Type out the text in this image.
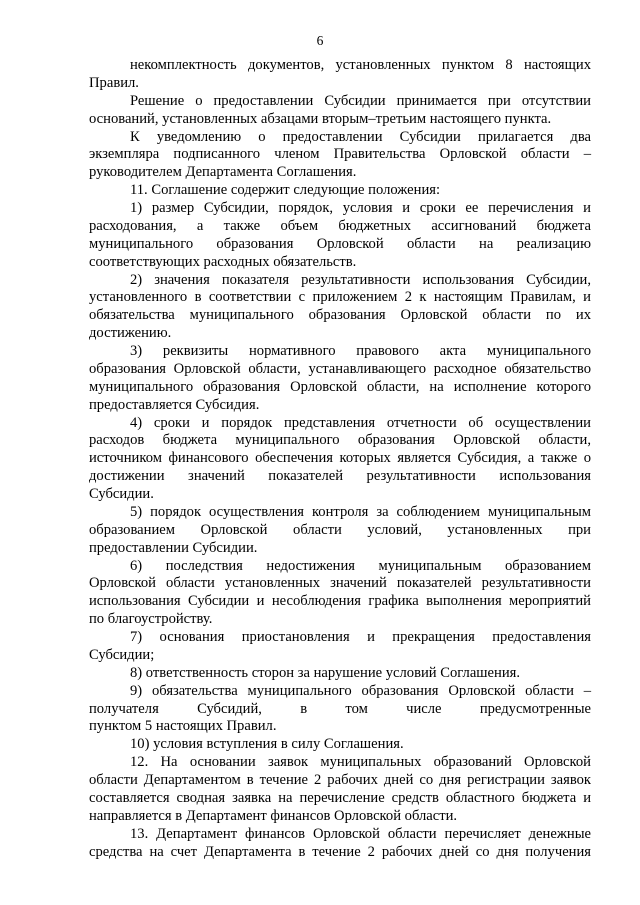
6
некомплектность документов, установленных пунктом 8 настоящих
Правил.
Решение о предоставлении Субсидии принимается при отсутствии
оснований, установленных абзацами вторым–третьим настоящего пункта.
К уведомлению о предоставлении Субсидии прилагается два
экземпляра подписанного членом Правительства Орловской области –
руководителем Департамента Соглашения.
11. Соглашение содержит следующие положения:
1) размер Субсидии, порядок, условия и сроки ее перечисления и
расходования, а также объем бюджетных ассигнований бюджета
муниципального образования Орловской области на реализацию
соответствующих расходных обязательств.
2) значения показателя результативности использования Субсидии,
установленного в соответствии с приложением 2 к настоящим Правилам, и
обязательства муниципального образования Орловской области по их
достижению.
3) реквизиты нормативного правового акта муниципального
образования Орловской области, устанавливающего расходное обязательство
муниципального образования Орловской области, на исполнение которого
предоставляется Субсидия.
4) сроки и порядок представления отчетности об осуществлении
расходов бюджета муниципального образования Орловской области,
источником финансового обеспечения которых является Субсидия, а также о
достижении значений показателей результативности использования
Субсидии.
5) порядок осуществления контроля за соблюдением муниципальным
образованием Орловской области условий, установленных при
предоставлении Субсидии.
6) последствия недостижения муниципальным образованием
Орловской области установленных значений показателей результативности
использования Субсидии и несоблюдения графика выполнения мероприятий
по благоустройству.
7) основания приостановления и прекращения предоставления
Субсидии;
8) ответственность сторон за нарушение условий Соглашения.
9) обязательства муниципального образования Орловской области –
получателя Субсидий, в том числе предусмотренные
пунктом 5 настоящих Правил.
10) условия вступления в силу Соглашения.
12. На основании заявок муниципальных образований Орловской
области Департаментом в течение 2 рабочих дней со дня регистрации заявок
составляется сводная заявка на перечисление средств областного бюджета и
направляется в Департамент финансов Орловской области.
13. Департамент финансов Орловской области перечисляет денежные
средства на счет Департамента в течение 2 рабочих дней со дня получения
